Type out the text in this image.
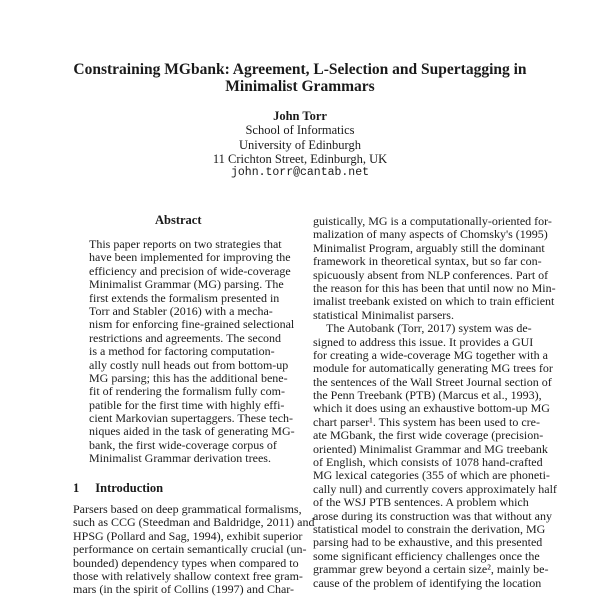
Constraining MGbank: Agreement, L-Selection and Supertagging in
Minimalist Grammars
John Torr
School of Informatics
University of Edinburgh
11 Crichton Street, Edinburgh, UK
john.torr@cantab.net
Abstract
This paper reports on two strategies that
have been implemented for improving the
efficiency and precision of wide-coverage
Minimalist Grammar (MG) parsing. The
first extends the formalism presented in
Torr and Stabler (2016) with a mecha-
nism for enforcing fine-grained selectional
restrictions and agreements. The second
is a method for factoring computation-
ally costly null heads out from bottom-up
MG parsing; this has the additional bene-
fit of rendering the formalism fully com-
patible for the first time with highly effi-
cient Markovian supertaggers. These tech-
niques aided in the task of generating MG-
bank, the first wide-coverage corpus of
Minimalist Grammar derivation trees.
1 Introduction
Parsers based on deep grammatical formalisms,
such as CCG (Steedman and Baldridge, 2011) and
HPSG (Pollard and Sag, 1994), exhibit superior
performance on certain semantically crucial (un-
bounded) dependency types when compared to
those with relatively shallow context free gram-
mars (in the spirit of Collins (1997) and Char-
guistically, MG is a computationally-oriented for-
malization of many aspects of Chomsky's (1995)
Minimalist Program, arguably still the dominant
framework in theoretical syntax, but so far con-
spicuously absent from NLP conferences. Part of
the reason for this has been that until now no Min-
imalist treebank existed on which to train efficient
statistical Minimalist parsers.
The Autobank (Torr, 2017) system was de-
signed to address this issue. It provides a GUI
for creating a wide-coverage MG together with a
module for automatically generating MG trees for
the sentences of the Wall Street Journal section of
the Penn Treebank (PTB) (Marcus et al., 1993),
which it does using an exhaustive bottom-up MG
chart parser¹. This system has been used to cre-
ate MGbank, the first wide coverage (precision-
oriented) Minimalist Grammar and MG treebank
of English, which consists of 1078 hand-crafted
MG lexical categories (355 of which are phoneti-
cally null) and currently covers approximately half
of the WSJ PTB sentences. A problem which
arose during its construction was that without any
statistical model to constrain the derivation, MG
parsing had to be exhaustive, and this presented
some significant efficiency challenges once the
grammar grew beyond a certain size², mainly be-
cause of the problem of identifying the location
